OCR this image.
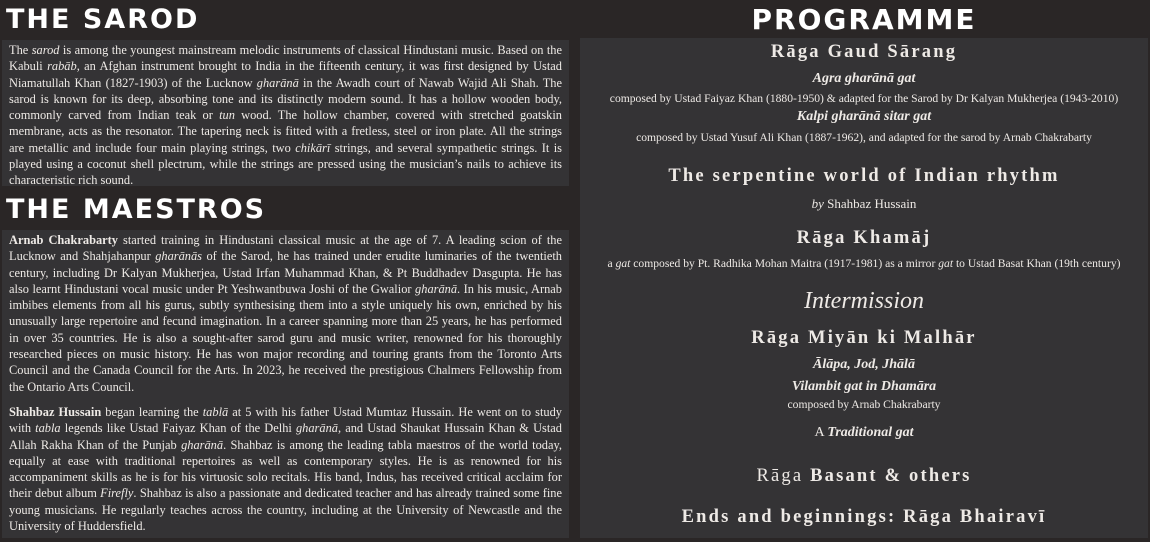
THE SAROD

The sarod is among the youngest mainstream melodic instruments of classical Hindustani music. Based on the Kabuli rabāb, an Afghan instrument brought to India in the fifteenth century, it was first designed by Ustad Niamatullah Khan (1827-1903) of the Lucknow gharānā in the Awadh court of Nawab Wajid Ali Shah. The sarod is known for its deep, absorbing tone and its distinctly modern sound. It has a hollow wooden body, commonly carved from Indian teak or tun wood. The hollow chamber, covered with stretched goatskin membrane, acts as the resonator. The tapering neck is fitted with a fretless, steel or iron plate. All the strings are metallic and include four main playing strings, two chikārī strings, and several sympathetic strings. It is played using a coconut shell plectrum, while the strings are pressed using the musician’s nails to achieve its characteristic rich sound.

THE MAESTROS

Arnab Chakrabarty started training in Hindustani classical music at the age of 7. A leading scion of the Lucknow and Shahjahanpur gharānās of the Sarod, he has trained under erudite luminaries of the twentieth century, including Dr Kalyan Mukherjea, Ustad Irfan Muhammad Khan, & Pt Buddhadev Dasgupta. He has also learnt Hindustani vocal music under Pt Yeshwantbuwa Joshi of the Gwalior gharānā. In his music, Arnab imbibes elements from all his gurus, subtly synthesising them into a style uniquely his own, enriched by his unusually large repertoire and fecund imagination. In a career spanning more than 25 years, he has performed in over 35 countries. He is also a sought-after sarod guru and music writer, renowned for his thoroughly researched pieces on music history. He has won major recording and touring grants from the Toronto Arts Council and the Canada Council for the Arts. In 2023, he received the prestigious Chalmers Fellowship from the Ontario Arts Council.

Shahbaz Hussain began learning the tablā at 5 with his father Ustad Mumtaz Hussain. He went on to study with tabla legends like Ustad Faiyaz Khan of the Delhi gharānā, and Ustad Shaukat Hussain Khan & Ustad Allah Rakha Khan of the Punjab gharānā. Shahbaz is among the leading tabla maestros of the world today, equally at ease with traditional repertoires as well as contemporary styles. He is as renowned for his accompaniment skills as he is for his virtuosic solo recitals. His band, Indus, has received critical acclaim for their debut album Firefly. Shahbaz is also a passionate and dedicated teacher and has already trained some fine young musicians. He regularly teaches across the country, including at the University of Newcastle and the University of Huddersfield.

PROGRAMME
Rāga Gaud Sārang
Agra gharānā gat
composed by Ustad Faiyaz Khan (1880-1950) & adapted for the Sarod by Dr Kalyan Mukherjea (1943-2010)
Kalpi gharānā sitar gat
composed by Ustad Yusuf Ali Khan (1887-1962), and adapted for the sarod by Arnab Chakrabarty
The serpentine world of Indian rhythm
by Shahbaz Hussain
Rāga Khamāj
a gat composed by Pt. Radhika Mohan Maitra (1917-1981) as a mirror gat to Ustad Basat Khan (19th century)
Intermission
Rāga Miyān ki Malhār
Ālāpa, Jod, Jhālā
Vilambit gat in Dhamāra
composed by Arnab Chakrabarty
A Traditional gat
Rāga Basant & others
Ends and beginnings: Rāga Bhairavī
